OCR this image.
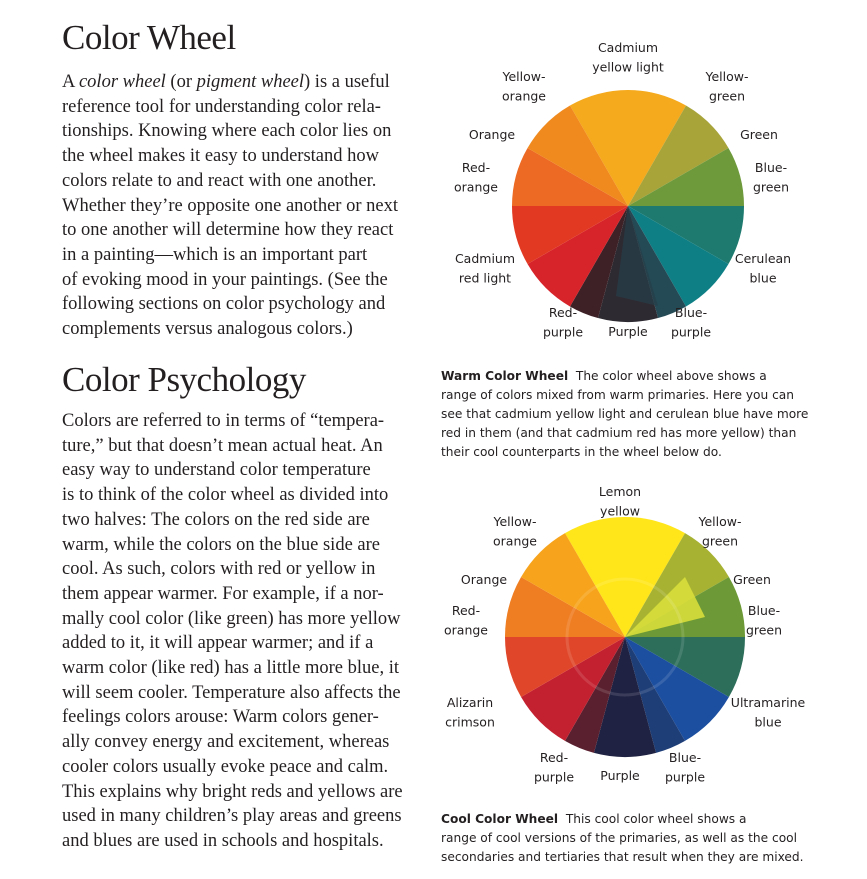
Color Wheel

A color wheel (or pigment wheel) is a useful
reference tool for understanding color rela-
tionships. Knowing where each color lies on
the wheel makes it easy to understand how
colors relate to and react with one another.
Whether they’re opposite one another or next
to one another will determine how they react
in a painting—which is an important part
of evoking mood in your paintings. (See the
following sections on color psychology and
complements versus analogous colors.)

Color Psychology

Colors are referred to in terms of “tempera-
ture,” but that doesn’t mean actual heat. An
easy way to understand color temperature
is to think of the color wheel as divided into
two halves: The colors on the red side are
warm, while the colors on the blue side are
cool. As such, colors with red or yellow in
them appear warmer. For example, if a nor-
mally cool color (like green) has more yellow
added to it, it will appear warmer; and if a
warm color (like red) has a little more blue, it
will seem cooler. Temperature also affects the
feelings colors arouse: Warm colors gener-
ally convey energy and excitement, whereas
cooler colors usually evoke peace and calm.
This explains why bright reds and yellows are
used in many children’s play areas and greens
and blues are used in schools and hospitals.

Cadmium yellow light
Yellow-orange
Yellow-green
Orange	Green
Red-orange
Blue-green
Cadmium red light
Cerulean blue
Red-purple Purple
Blue-purple
Lemon yellow
Yellow-orange
Yellow-green
Orange	Green
Red-orange
Blue-green
Alizarin crimson
Ultramarine blue
Red-purple Purple
Blue-purple

Warm Color Wheel The color wheel above shows a
range of colors mixed from warm primaries. Here you can
see that cadmium yellow light and cerulean blue have more
red in them (and that cadmium red has more yellow) than
their cool counterparts in the wheel below do.

Cool Color Wheel This cool color wheel shows a
range of cool versions of the primaries, as well as the cool
secondaries and tertiaries that result when they are mixed.
